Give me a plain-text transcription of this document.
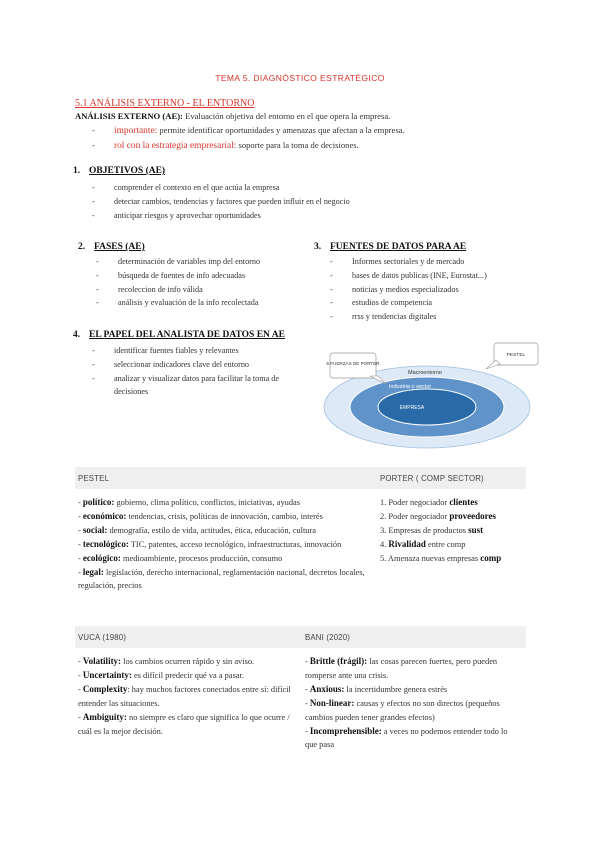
TEMA 5. DIAGNÓSTICO ESTRATÉGICO
5.1 ANÁLISIS EXTERNO - EL ENTORNO
ANÁLISIS EXTERNO (AE): Evaluación objetiva del entorno en el que opera la empresa.
- importante: permite identificar oportunidades y amenazas que afectan a la empresa.
- rol con la estrategia empresarial: soporte para la toma de decisiones.
1. OBJETIVOS (AE)
- comprender el contexto en el que actúa la empresa
- detectar cambios, tendencias y factores que pueden influir en el negocio
- anticipar riesgos y aprovechar oportunidades
2. FASES (AE)
- determinación de variables imp del entorno
- búsqueda de fuentes de info adecuadas
- recoleccion de info válida
- análisis y evaluación de la info recolectada
3. FUENTES DE DATOS PARA AE
- Informes sectoriales y de mercado
- bases de datos publicas (INE, Eurostat...)
- noticias y medios especializados
- estudios de competencia
- rrss y tendencias digitales
4. EL PAPEL DEL ANALISTA DE DATOS EN AE
- identificar fuentes fiables y relevantes
- seleccionar indicadores clave del entorno
- analizar y visualizar datos para facilitar la toma de decisiones
Macroentorno
Industria o sector
EMPRESA
5 FUERZAS DE PORTER
PESTEL
PESTEL	PORTER ( COMP SECTOR)
- político: gobierno, clima político, conflictos, iniciativas, ayudas
- económico: tendencias, crisis, políticas de innovación, cambio, interés
- social: demografía, estilo de vida, actitudes, ética, educación, cultura
- tecnológico: TIC, patentes, acceso tecnológico, infraestructuras, innovación
- ecológico: medioambiente, procesos producción, consumo
- legal: legislación, derecho internacional, reglamentación nacional, decretos locales, regulación, precios
1. Poder negociador clientes
2. Poder negociador proveedores
3. Empresas de productos sust
4. Rivalidad entre comp
5. Amenaza nuevas empresas comp
VUCA (1980)	BANI (2020)
- Volatility: los cambios ocurren rápido y sin aviso.
- Uncertainty: es difícil predecir qué va a pasar.
- Complexity: hay muchos factores conectados entre sí: difícil entender las situaciones.
- Ambiguity: no siempre es claro que significa lo que ocurre / cuál es la mejor decisión.
- Brittle (frágil): las cosas parecen fuertes, pero pueden romperse ante una crisis.
- Anxious: la incertidumbre genera estrés
- Non-linear: causas y efectos no son directos (pequeños cambios pueden tener grandes efectos)
- Incomprehensible: a veces no podemos entender todo lo que pasa
